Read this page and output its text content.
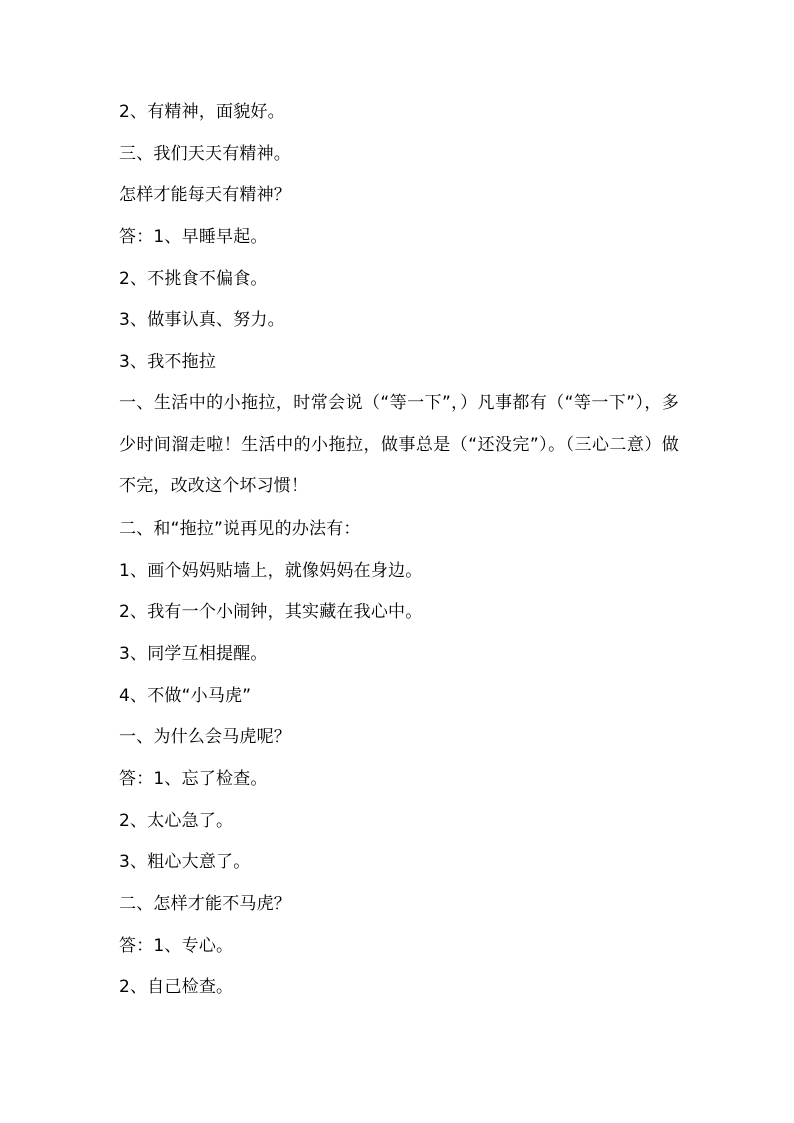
2、有精神，面貌好。
三、我们天天有精神。
怎样才能每天有精神？
答：1、早睡早起。
2、不挑食不偏食。
3、做事认真、努力。
3、我不拖拉
一、生活中的小拖拉，时常会说（“等一下”，）凡事都有（“等一下”），多少时间溜走啦！生活中的小拖拉，做事总是（“还没完”）。（三心二意）做不完，改改这个坏习惯！
二、和“拖拉”说再见的办法有：
1、画个妈妈贴墙上，就像妈妈在身边。
2、我有一个小闹钟，其实藏在我心中。
3、同学互相提醒。
4、不做“小马虎”
一、为什么会马虎呢？
答：1、忘了检查。
2、太心急了。
3、粗心大意了。
二、怎样才能不马虎？
答：1、专心。
2、自己检查。
